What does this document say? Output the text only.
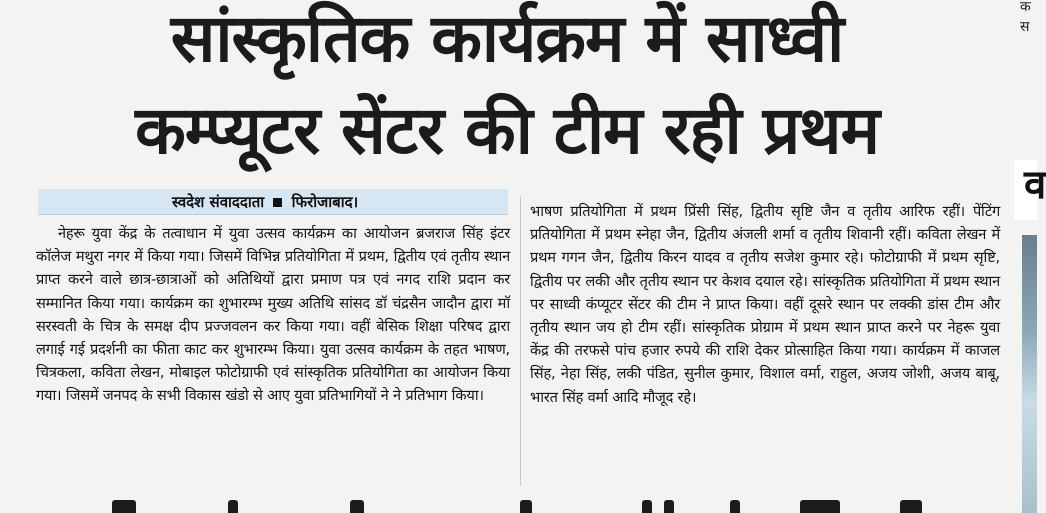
सांस्कृतिक कार्यक्रम में साध्वी
कम्प्यूटर सेंटर की टीम रही प्रथम
स्वदेश संवाददाता फिरोजाबाद।

नेहरू युवा केंद्र के तत्वाधान में युवा उत्सव कार्यक्रम का आयोजन ब्रजराज सिंह इंटर कॉलेज मथुरा नगर में किया गया। जिसमें विभिन्न प्रतियोगिता में प्रथम, द्वितीय एवं तृतीय स्थान प्राप्त करने वाले छात्र-छात्राओं को अतिथियों द्वारा प्रमाण पत्र एवं नगद राशि प्रदान कर सम्मानित किया गया। कार्यक्रम का शुभारम्भ मुख्य अतिथि सांसद डॉ चंद्रसैन जादौन द्वारा मॉ सरस्वती के चित्र के समक्ष दीप प्रज्जवलन कर किया गया। वहीं बेसिक शिक्षा परिषद द्वारा लगाई गई प्रदर्शनी का फीता काट कर शुभारम्भ किया। युवा उत्सव कार्यक्रम के तहत भाषण, चित्रकला, कविता लेखन, मोबाइल फोटोग्राफी एवं सांस्कृतिक प्रतियोगिता का आयोजन किया गया। जिसमें जनपद के सभी विकास खंडो से आए युवा प्रतिभागियों ने ने प्रतिभाग किया।

भाषण प्रतियोगिता में प्रथम प्रिंसी सिंह, द्वितीय सृष्टि जैन व तृतीय आरिफ रहीं। पेंटिंग प्रतियोगिता में प्रथम स्नेहा जैन, द्वितीय अंजली शर्मा व तृतीय शिवानी रहीं। कविता लेखन में प्रथम गगन जैन, द्वितीय किरन यादव व तृतीय सजेश कुमार रहे। फोटोग्राफी में प्रथम सृष्टि, द्वितीय पर लकी और तृतीय स्थान पर केशव दयाल रहे। सांस्कृतिक प्रतियोगिता में प्रथम स्थान पर साध्वी कंप्यूटर सेंटर की टीम ने प्राप्त किया। वहीं दूसरे स्थान पर लक्की डांस टीम और तृतीय स्थान जय हो टीम रहीं। सांस्कृतिक प्रोग्राम में प्रथम स्थान प्राप्त करने पर नेहरू युवा केंद्र की तरफसे पांच हजार रुपये की राशि देकर प्रोत्साहित किया गया। कार्यक्रम में काजल सिंह, नेहा सिंह, लकी पंडित, सुनील कुमार, विशाल वर्मा, राहुल, अजय जोशी, अजय बाबू, भारत सिंह वर्मा आदि मौजूद रहे।

क
स
व
